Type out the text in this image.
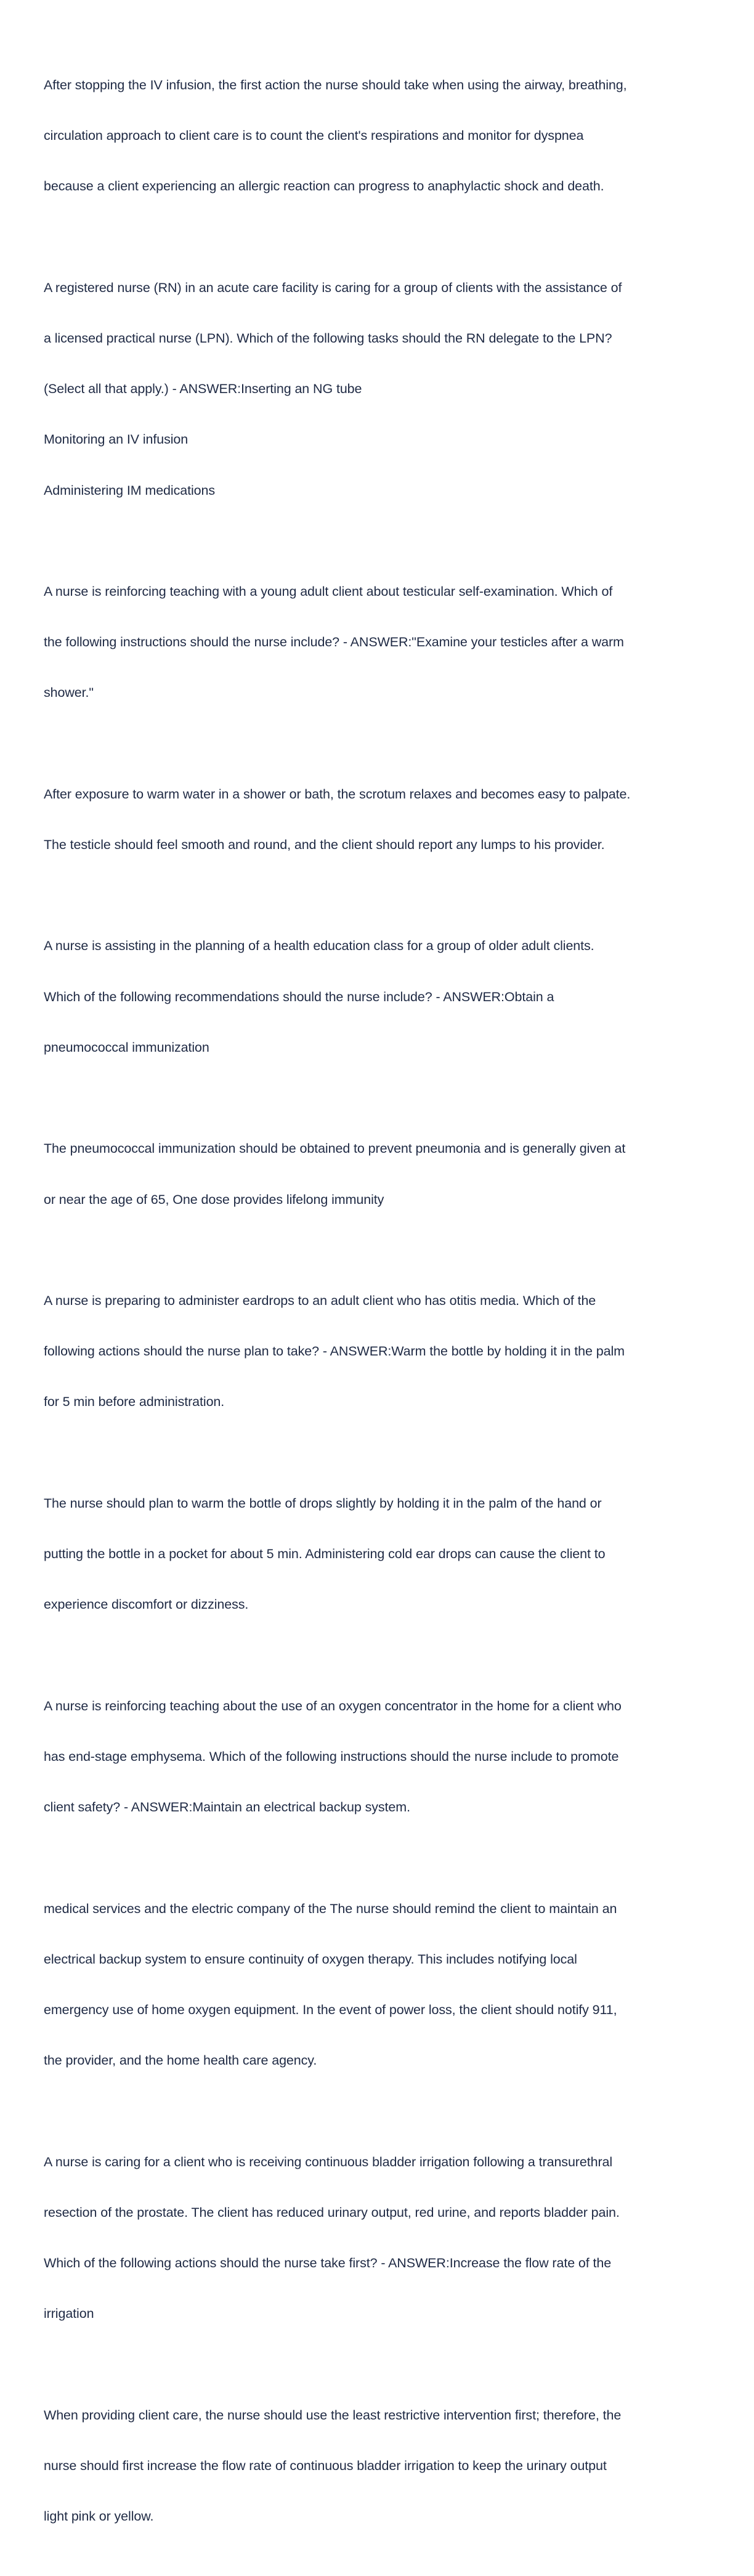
After stopping the IV infusion, the first action the nurse should take when using the airway, breathing,

circulation approach to client care is to count the client's respirations and monitor for dyspnea

because a client experiencing an allergic reaction can progress to anaphylactic shock and death.

A registered nurse (RN) in an acute care facility is caring for a group of clients with the assistance of

a licensed practical nurse (LPN). Which of the following tasks should the RN delegate to the LPN?

(Select all that apply.) - ANSWER:Inserting an NG tube

Monitoring an IV infusion

Administering IM medications

A nurse is reinforcing teaching with a young adult client about testicular self-examination. Which of

the following instructions should the nurse include? - ANSWER:"Examine your testicles after a warm

shower."

After exposure to warm water in a shower or bath, the scrotum relaxes and becomes easy to palpate.

The testicle should feel smooth and round, and the client should report any lumps to his provider.

A nurse is assisting in the planning of a health education class for a group of older adult clients.

Which of the following recommendations should the nurse include? - ANSWER:Obtain a

pneumococcal immunization

The pneumococcal immunization should be obtained to prevent pneumonia and is generally given at

or near the age of 65, One dose provides lifelong immunity

A nurse is preparing to administer eardrops to an adult client who has otitis media. Which of the

following actions should the nurse plan to take? - ANSWER:Warm the bottle by holding it in the palm

for 5 min before administration.

The nurse should plan to warm the bottle of drops slightly by holding it in the palm of the hand or

putting the bottle in a pocket for about 5 min. Administering cold ear drops can cause the client to

experience discomfort or dizziness.

A nurse is reinforcing teaching about the use of an oxygen concentrator in the home for a client who

has end-stage emphysema. Which of the following instructions should the nurse include to promote

client safety? - ANSWER:Maintain an electrical backup system.

medical services and the electric company of the The nurse should remind the client to maintain an

electrical backup system to ensure continuity of oxygen therapy. This includes notifying local

emergency use of home oxygen equipment. In the event of power loss, the client should notify 911,

the provider, and the home health care agency.

A nurse is caring for a client who is receiving continuous bladder irrigation following a transurethral

resection of the prostate. The client has reduced urinary output, red urine, and reports bladder pain.

Which of the following actions should the nurse take first? - ANSWER:Increase the flow rate of the

irrigation

When providing client care, the nurse should use the least restrictive intervention first; therefore, the

nurse should first increase the flow rate of continuous bladder irrigation to keep the urinary output

light pink or yellow.
